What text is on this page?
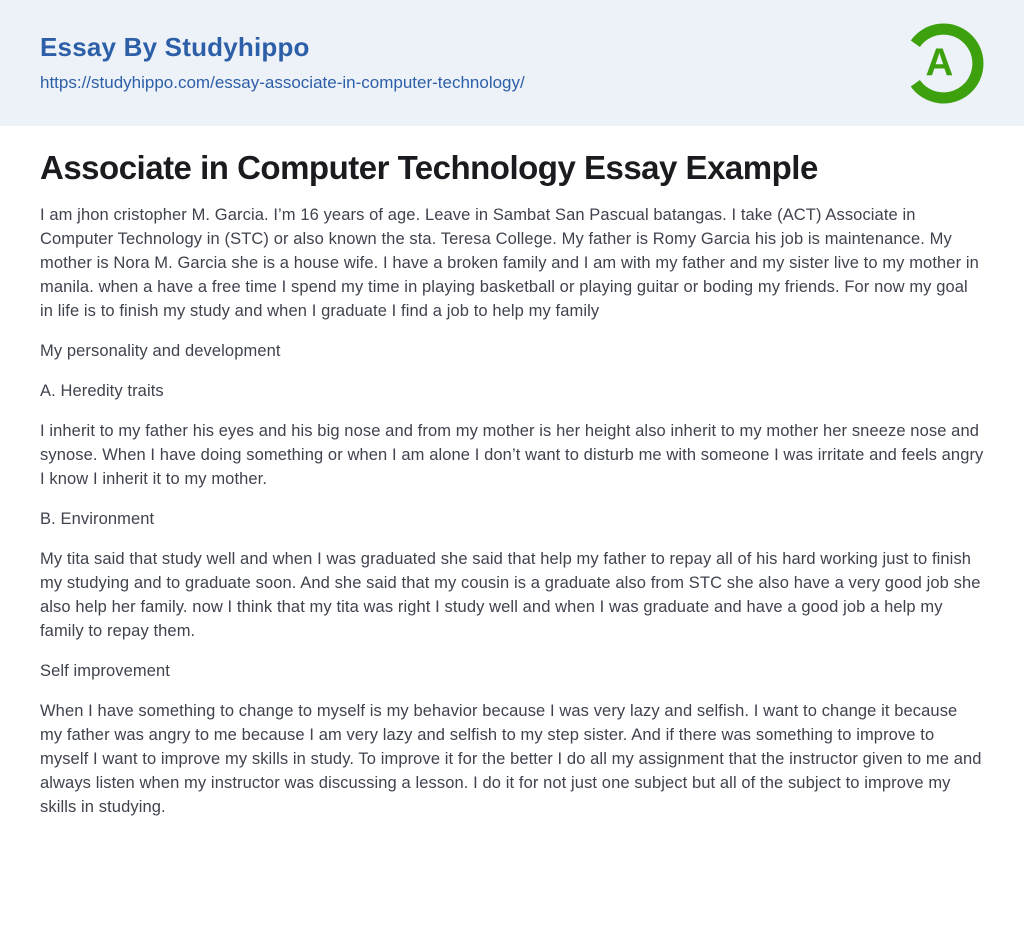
Essay By Studyhippo
https://studyhippo.com/essay-associate-in-computer-technology/	A
Associate in Computer Technology Essay Example

I am jhon cristopher M. Garcia. I’m 16 years of age. Leave in Sambat San Pascual batangas. I take (ACT) Associate in Computer Technology in (STC) or also known the sta. Teresa College. My father is Romy Garcia his job is maintenance. My mother is Nora M. Garcia she is a house wife. I have a broken family and I am with my father and my sister live to my mother in manila. when a have a free time I spend my time in playing basketball or playing guitar or boding my friends. For now my goal in life is to finish my study and when I graduate I find a job to help my family

My personality and development

A. Heredity traits

I inherit to my father his eyes and his big nose and from my mother is her height also inherit to my mother her sneeze nose and synose. When I have doing something or when I am alone I don’t want to disturb me with someone I was irritate and feels angry I know I inherit it to my mother.

B. Environment

My tita said that study well and when I was graduated she said that help my father to repay all of his hard working just to finish my studying and to graduate soon. And she said that my cousin is a graduate also from STC she also have a very good job she also help her family. now I think that my tita was right I study well and when I was graduate and have a good job a help my family to repay them.

Self improvement

When I have something to change to myself is my behavior because I was very lazy and selfish. I want to change it because my father was angry to me because I am very lazy and selfish to my step sister. And if there was something to improve to myself I want to improve my skills in study. To improve it for the better I do all my assignment that the instructor given to me and always listen when my instructor was discussing a lesson. I do it for not just one subject but all of the subject to improve my skills in studying.
